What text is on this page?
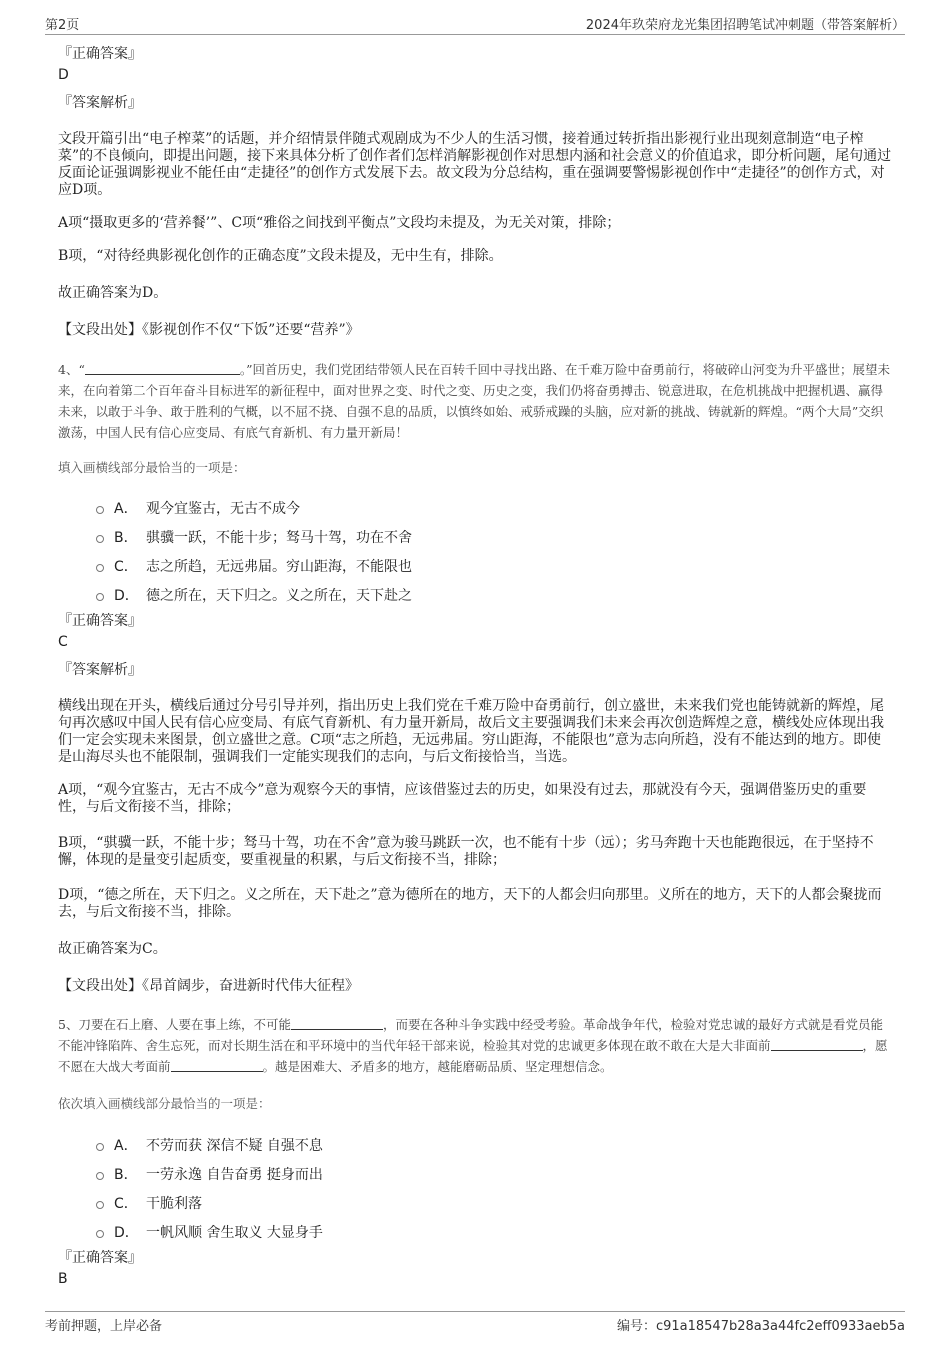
第2页	2024年玖荣府龙光集团招聘笔试冲刺题（带答案解析）

『正确答案』

D

『答案解析』

文段开篇引出“电子榨菜”的话题，并介绍情景伴随式观剧成为不少人的生活习惯，接着通过转折指出影视行业出现刻意制造“电子榨菜”的不良倾向，即提出问题，接下来具体分析了创作者们怎样消解影视创作对思想内涵和社会意义的价值追求，即分析问题，尾句通过反面论证强调影视业不能任由“走捷径”的创作方式发展下去。故文段为分总结构，重在强调要警惕影视创作中“走捷径”的创作方式，对应D项。

A项“摄取更多的‘营养餐’”、C项“雅俗之间找到平衡点”文段均未提及，为无关对策，排除；

B项，“对待经典影视化创作的正确态度”文段未提及，无中生有，排除。

故正确答案为D。

【文段出处】《影视创作不仅“下饭”还要“营养”》

4、“	。”回首历史，我们党团结带领人民在百转千回中寻找出路、在千难万险中奋勇前行，将破碎山河变为升平盛世；展望未来，在向着第二个百年奋斗目标进军的新征程中，面对世界之变、时代之变、历史之变，我们仍将奋勇搏击、锐意进取，在危机挑战中把握机遇、赢得未来，以敢于斗争、敢于胜利的气概，以不屈不挠、自强不息的品质，以慎终如始、戒骄戒躁的头脑，应对新的挑战、铸就新的辉煌。“两个大局”交织激荡，中国人民有信心应变局、有底气育新机、有力量开新局！

填入画横线部分最恰当的一项是：

A． 观今宜鉴古，无古不成今
B． 骐骥一跃，不能十步；驽马十驾，功在不舍
C． 志之所趋，无远弗届。穷山距海，不能限也
D． 德之所在，天下归之。义之所在，天下赴之

『正确答案』

C

『答案解析』

横线出现在开头，横线后通过分号引导并列，指出历史上我们党在千难万险中奋勇前行，创立盛世，未来我们党也能铸就新的辉煌，尾句再次感叹中国人民有信心应变局、有底气育新机、有力量开新局，故后文主要强调我们未来会再次创造辉煌之意，横线处应体现出我们一定会实现未来图景，创立盛世之意。C项“志之所趋，无远弗届。穷山距海，不能限也”意为志向所趋，没有不能达到的地方。即使是山海尽头也不能限制，强调我们一定能实现我们的志向，与后文衔接恰当，当选。

A项，“观今宜鉴古，无古不成今”意为观察今天的事情，应该借鉴过去的历史，如果没有过去，那就没有今天，强调借鉴历史的重要性，与后文衔接不当，排除；

B项，“骐骥一跃，不能十步；驽马十驾，功在不舍”意为骏马跳跃一次，也不能有十步（远）；劣马奔跑十天也能跑很远，在于坚持不懈，体现的是量变引起质变，要重视量的积累，与后文衔接不当，排除；

D项，“德之所在，天下归之。义之所在，天下赴之”意为德所在的地方，天下的人都会归向那里。义所在的地方，天下的人都会聚拢而去，与后文衔接不当，排除。

故正确答案为C。

【文段出处】《昂首阔步，奋进新时代伟大征程》

5、刀要在石上磨、人要在事上练，不可能	，而要在各种斗争实践中经受考验。革命战争年代，检验对党忠诚的最好方式就是看党员能不能冲锋陷阵、舍生忘死，而对长期生活在和平环境中的当代年轻干部来说，检验其对党的忠诚更多体现在敢不敢在大是大非面前	，愿不愿在大战大考面前	。越是困难大、矛盾多的地方，越能磨砺品质、坚定理想信念。

依次填入画横线部分最恰当的一项是：

A． 不劳而获 深信不疑 自强不息
B． 一劳永逸 自告奋勇 挺身而出
C． 干脆利落
D． 一帆风顺 舍生取义 大显身手

『正确答案』

B

考前押题，上岸必备	编号：c91a18547b28a3a44fc2eff0933aeb5a
